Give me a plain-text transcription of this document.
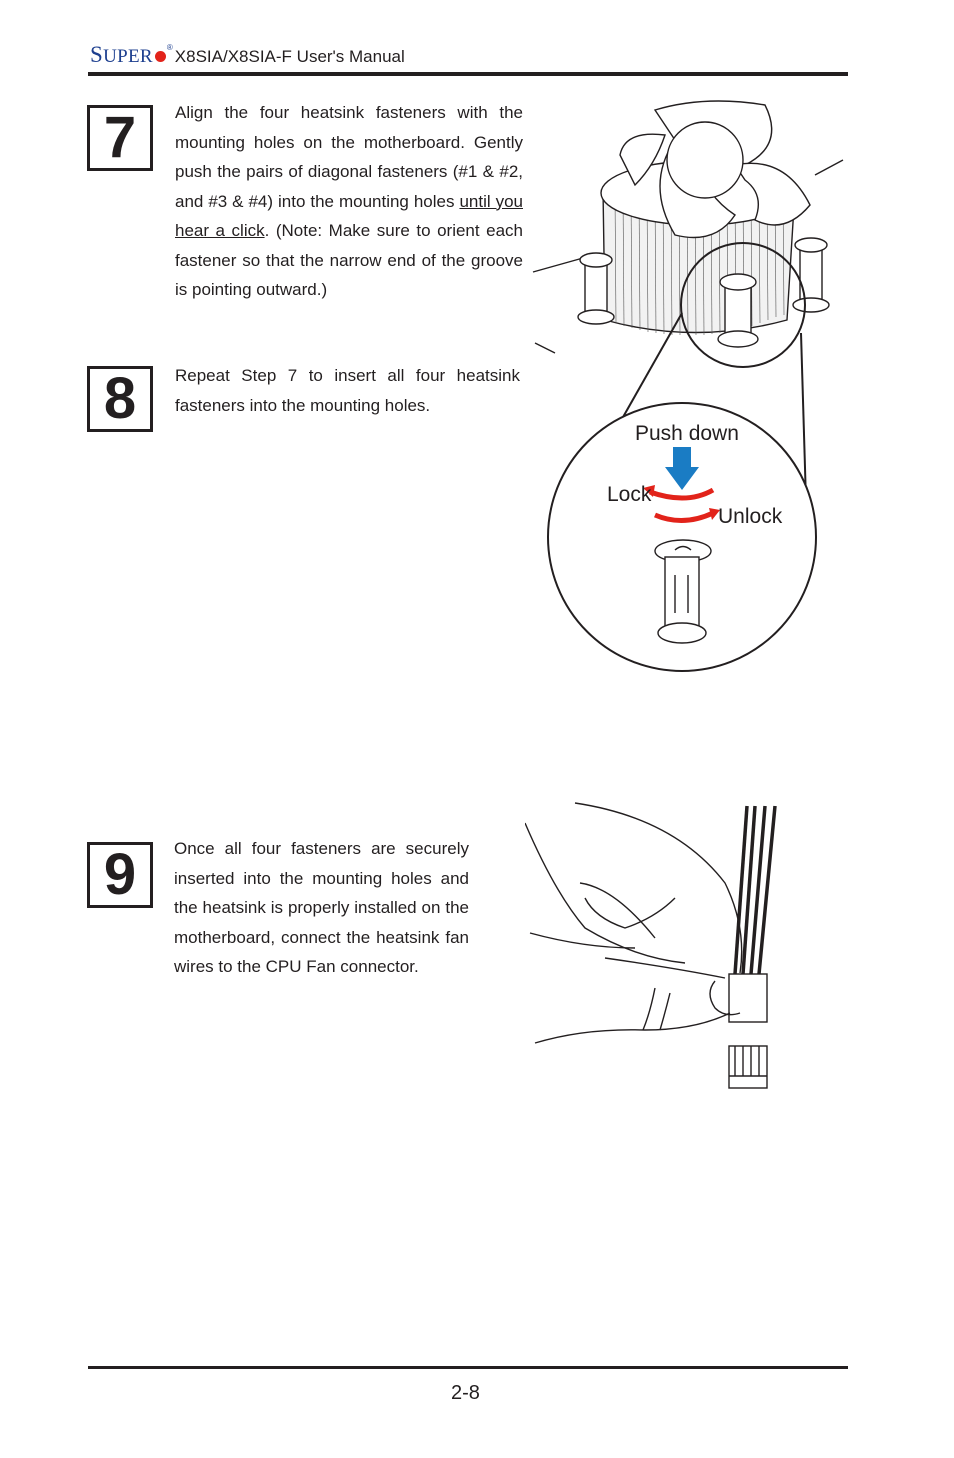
SUPER ® X8SIA/X8SIA-F User's Manual
7 Align the four heatsink fasteners with the mounting holes on the motherboard. Gently push the pairs of diagonal fasteners (#1 & #2, and #3 & #4) into the mounting holes until you hear a click. (Note: Make sure to orient each fastener so that the narrow end of the groove is pointing outward.)
8 Repeat Step 7 to insert all four heatsink fasteners into the mounting holes.
9 Once all four fasteners are securely inserted into the mounting holes and the heatsink is properly installed on the motherboard, connect the heatsink fan wires to the CPU Fan connector.
Push down
Lock
Unlock
2-8
